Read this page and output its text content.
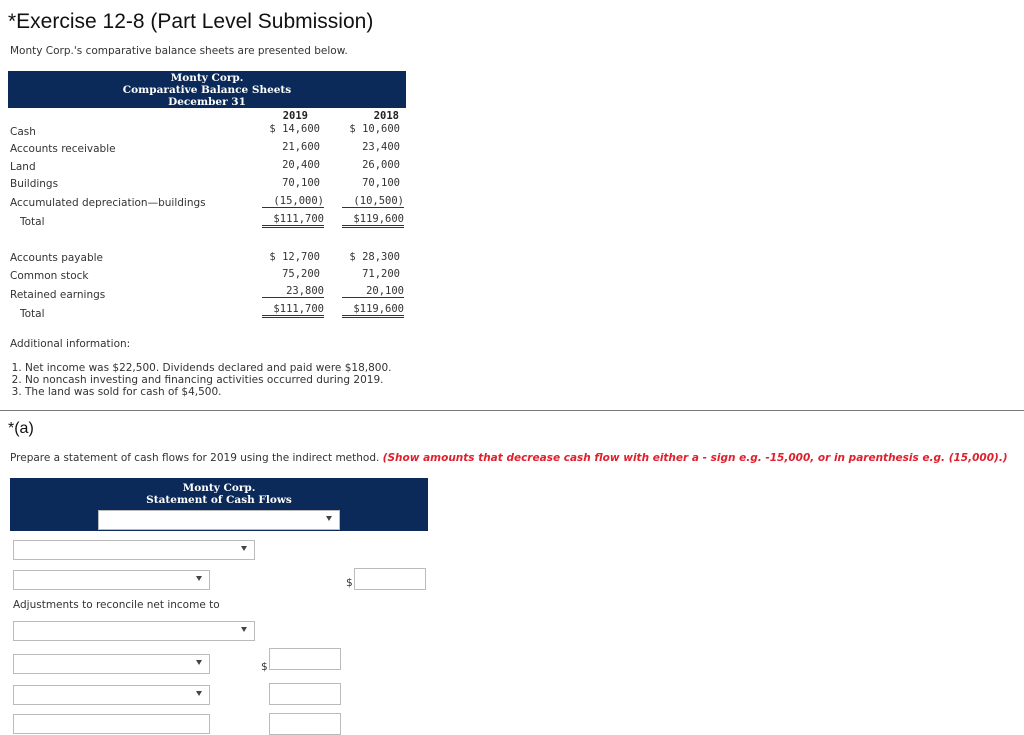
*Exercise 12-8 (Part Level Submission)
Monty Corp.'s comparative balance sheets are presented below.
Monty Corp.
Comparative Balance Sheets
December 31
2019	2018
Cash	$ 14,600	$ 10,600
Accounts receivable	21,600	23,400
Land	20,400	26,000
Buildings	70,100	70,100
Accumulated depreciation—buildings	(15,000)	(10,500)
Total	$111,700	$119,600
Accounts payable	$ 12,700	$ 28,300
Common stock	75,200	71,200
Retained earnings	23,800	20,100
Total	$111,700	$119,600
Additional information:
1. Net income was $22,500. Dividends declared and paid were $18,800.
2. No noncash investing and financing activities occurred during 2019.
3. The land was sold for cash of $4,500.
*(a)
Prepare a statement of cash flows for 2019 using the indirect method. (Show amounts that decrease cash flow with either a - sign e.g. -15,000, or in parenthesis e.g. (15,000).)
Monty Corp.
Statement of Cash Flows
$
Adjustments to reconcile net income to
$
